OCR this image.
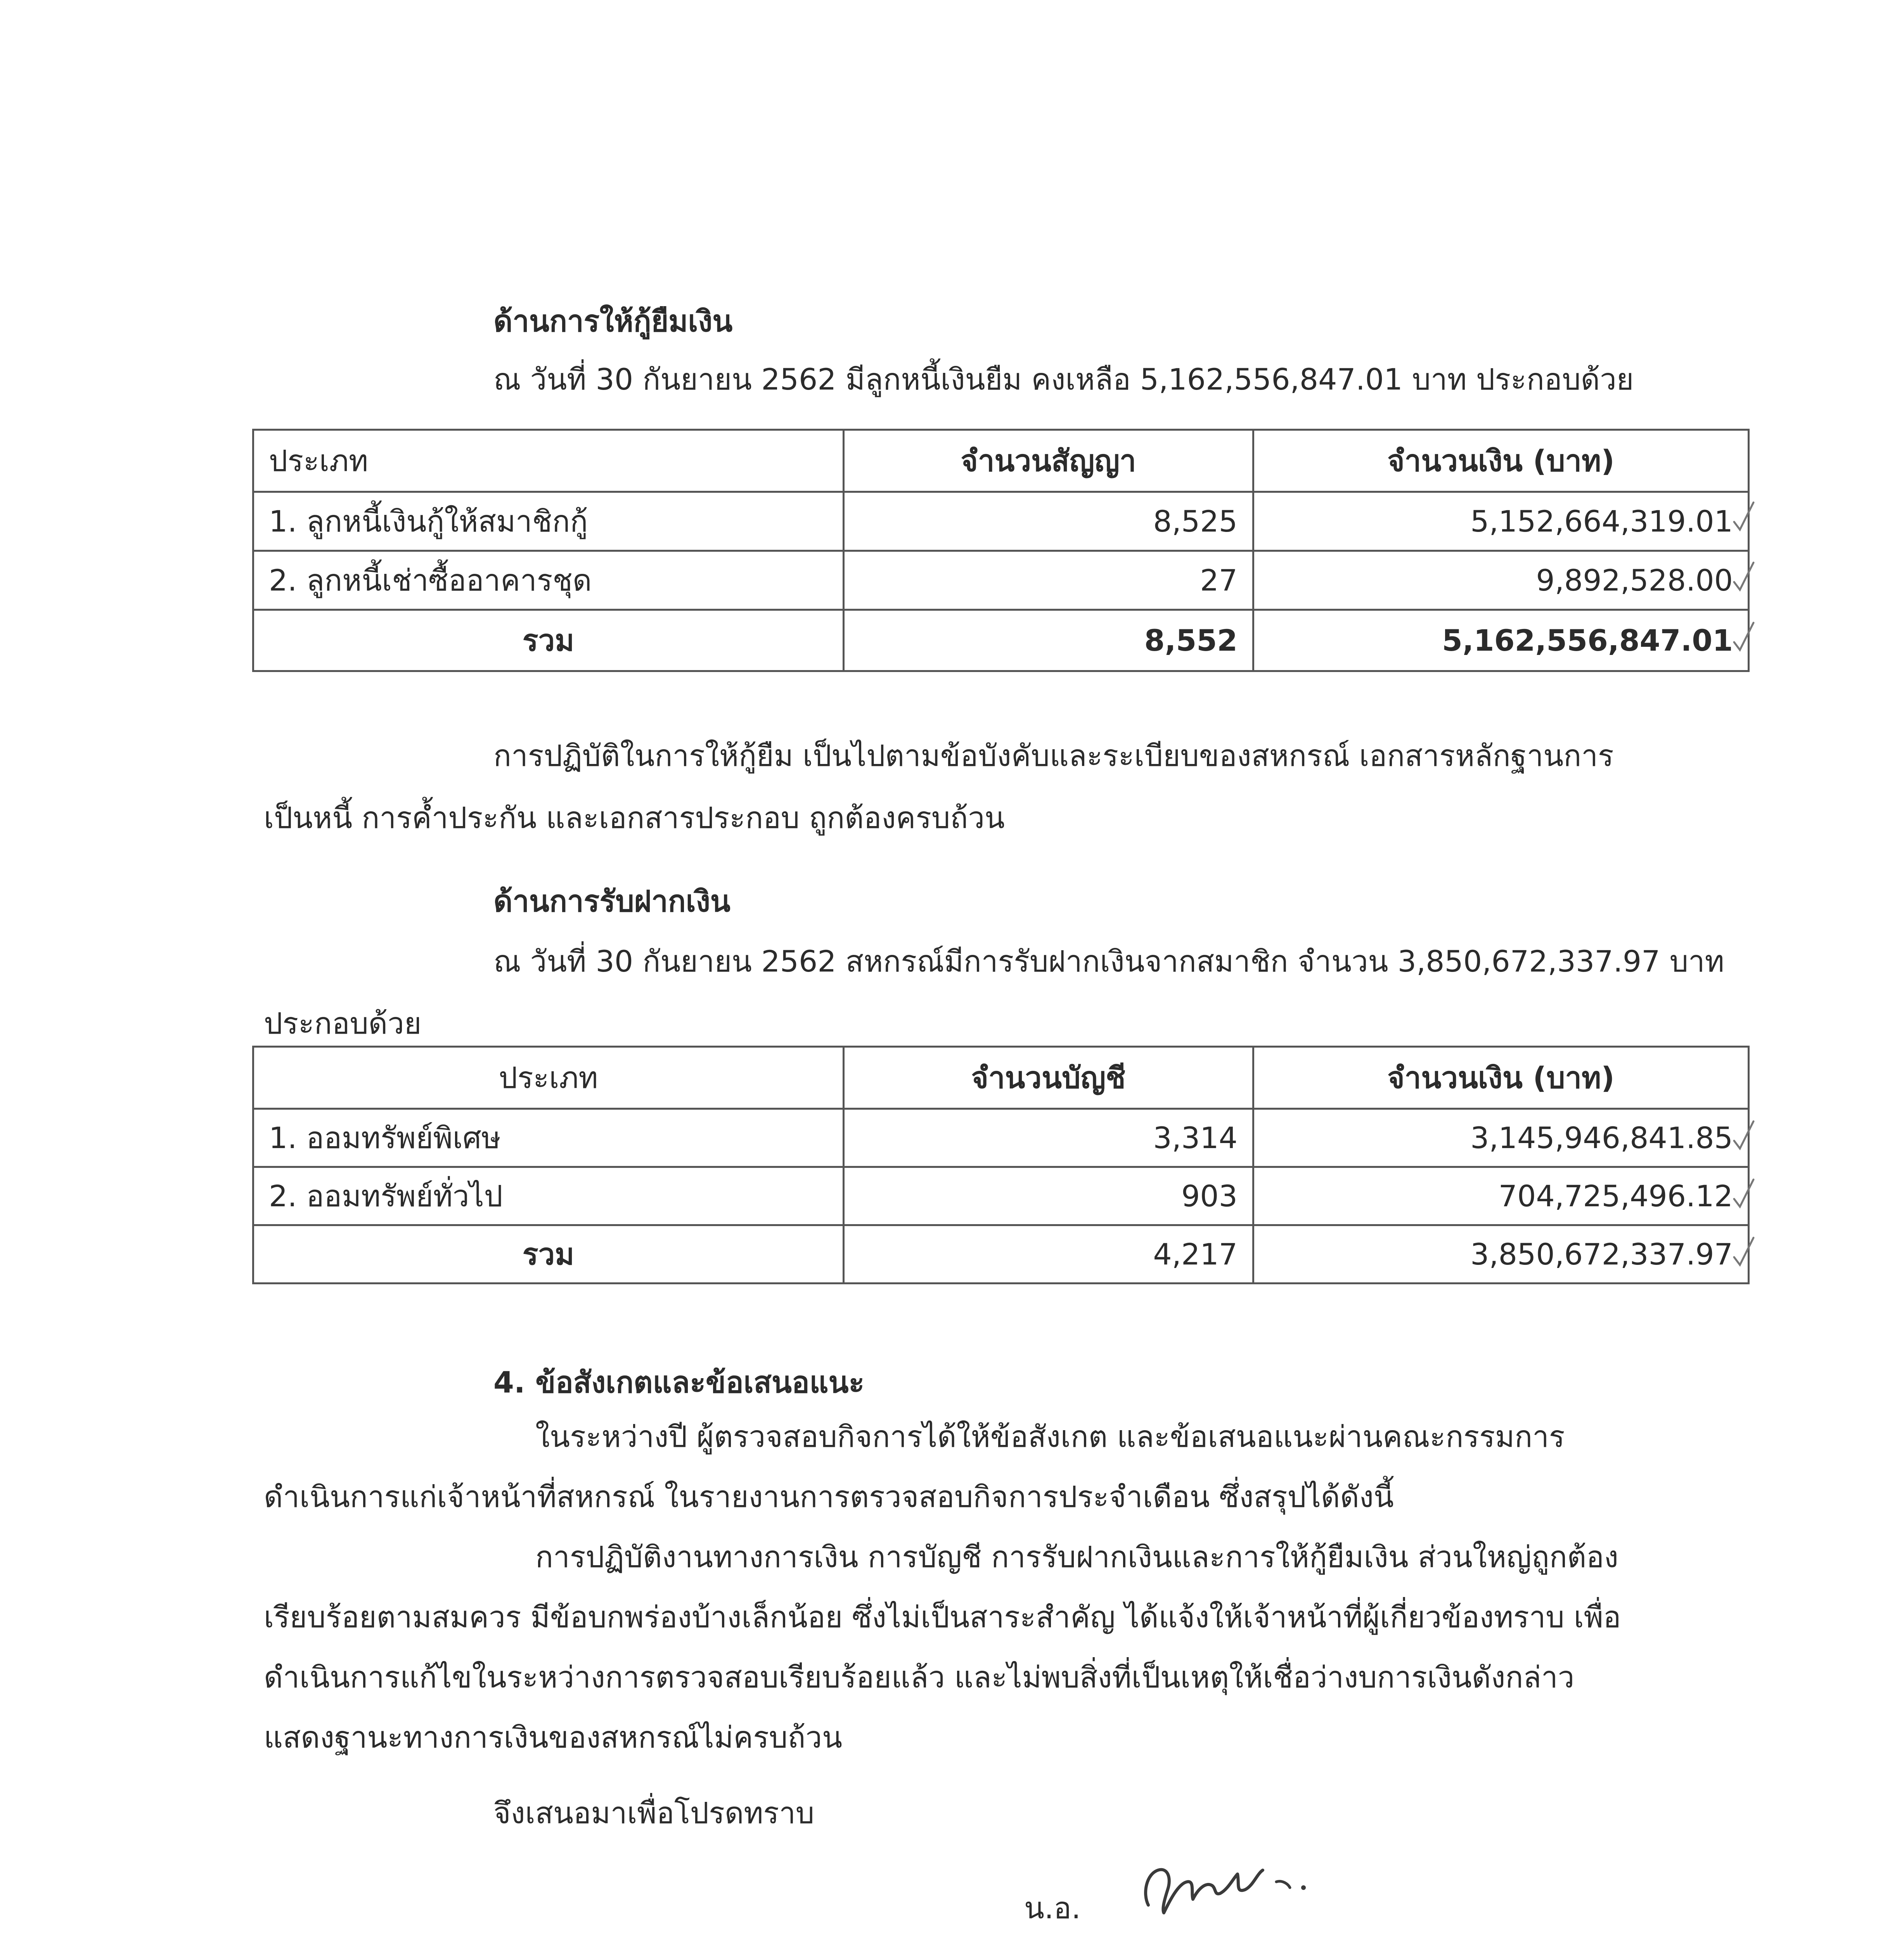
ด้านการให้กู้ยืมเงิน
ณ วันที่ 30 กันยายน 2562 มีลูกหนี้เงินยืม คงเหลือ 5,162,556,847.01 บาท ประกอบด้วย
ประเภท	จำนวนสัญญา	จำนวนเงิน (บาท)
1. ลูกหนี้เงินกู้ให้สมาชิกกู้	8,525	5,152,664,319.01
2. ลูกหนี้เช่าซื้ออาคารชุด	27	9,892,528.00
รวม	8,552	5,162,556,847.01
การปฏิบัติในการให้กู้ยืม เป็นไปตามข้อบังคับและระเบียบของสหกรณ์ เอกสารหลักฐานการ
เป็นหนี้ การค้ำประกัน และเอกสารประกอบ ถูกต้องครบถ้วน
ด้านการรับฝากเงิน
ณ วันที่ 30 กันยายน 2562 สหกรณ์มีการรับฝากเงินจากสมาชิก จำนวน 3,850,672,337.97 บาท
ประกอบด้วย
ประเภท	จำนวนบัญชี	จำนวนเงิน (บาท)
1. ออมทรัพย์พิเศษ	3,314	3,145,946,841.85
2. ออมทรัพย์ทั่วไป	903	704,725,496.12
รวม	4,217	3,850,672,337.97
4. ข้อสังเกตและข้อเสนอแนะ
ในระหว่างปี ผู้ตรวจสอบกิจการได้ให้ข้อสังเกต และข้อเสนอแนะผ่านคณะกรรมการ
ดำเนินการแก่เจ้าหน้าที่สหกรณ์ ในรายงานการตรวจสอบกิจการประจำเดือน ซึ่งสรุปได้ดังนี้
การปฏิบัติงานทางการเงิน การบัญชี การรับฝากเงินและการให้กู้ยืมเงิน ส่วนใหญ่ถูกต้อง
เรียบร้อยตามสมควร มีข้อบกพร่องบ้างเล็กน้อย ซึ่งไม่เป็นสาระสำคัญ ได้แจ้งให้เจ้าหน้าที่ผู้เกี่ยวข้องทราบ เพื่อ
ดำเนินการแก้ไขในระหว่างการตรวจสอบเรียบร้อยแล้ว และไม่พบสิ่งที่เป็นเหตุให้เชื่อว่างบการเงินดังกล่าว
แสดงฐานะทางการเงินของสหกรณ์ไม่ครบถ้วน
จึงเสนอมาเพื่อโปรดทราบ
น.อ.
